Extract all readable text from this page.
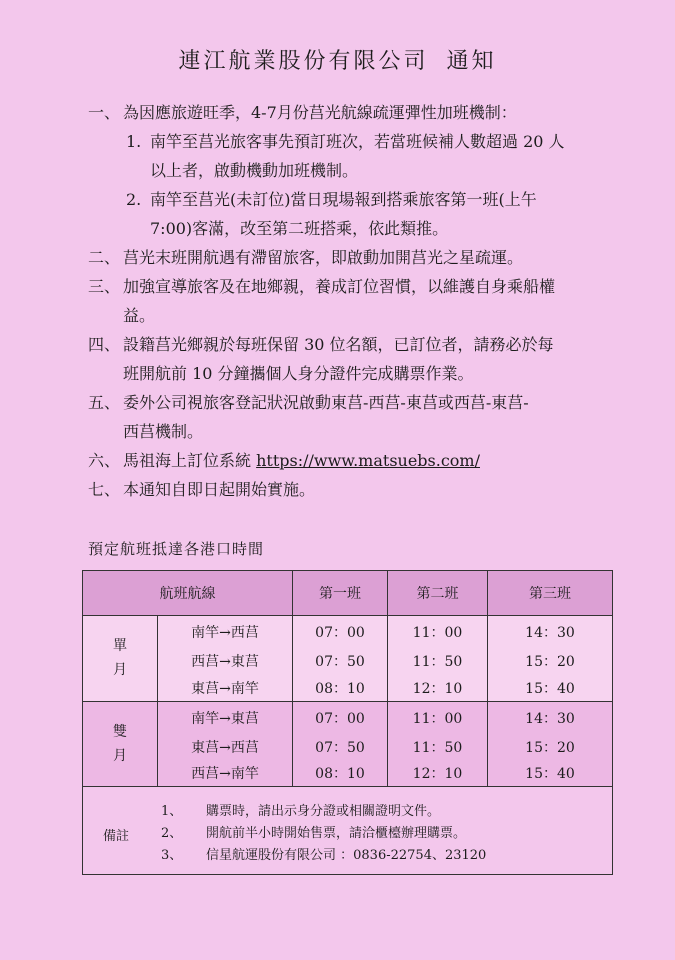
連江航業股份有限公司 通知
一、 為因應旅遊旺季，4-7月份莒光航線疏運彈性加班機制：
1. 南竿至莒光旅客事先預訂班次，若當班候補人數超過 20 人
以上者，啟動機動加班機制。
2. 南竿至莒光(未訂位)當日現場報到搭乘旅客第一班(上午
7:00)客滿，改至第二班搭乘，依此類推。
二、 莒光末班開航遇有滯留旅客，即啟動加開莒光之星疏運。
三、 加強宣導旅客及在地鄉親，養成訂位習慣，以維護自身乘船權
益。
四、 設籍莒光鄉親於每班保留 30 位名額，已訂位者，請務必於每
班開航前 10 分鐘攜個人身分證件完成購票作業。
五、 委外公司視旅客登記狀況啟動東莒-西莒-東莒或西莒-東莒-
西莒機制。
六、 馬祖海上訂位系統 https://www.matsuebs.com/
七、 本通知自即日起開始實施。
預定航班抵達各港口時間
航班航線		第一班	第二班	第三班

單
月	南竿→西莒	07：00	11：00	14：30
	西莒→東莒	07：50	11：50	15：20
	東莒→南竿	08：10	12：10	15：40

雙
月	南竿→東莒	07：00	11：00	14：30
	東莒→西莒	07：50	11：50	15：20
	西莒→南竿	08：10	12：10	15：40

備註
1、 購票時，請出示身分證或相關證明文件。
2、 開航前半小時開始售票，請洽櫃檯辦理購票。
3、 信星航運股份有限公司 ：0836-22754、23120				
